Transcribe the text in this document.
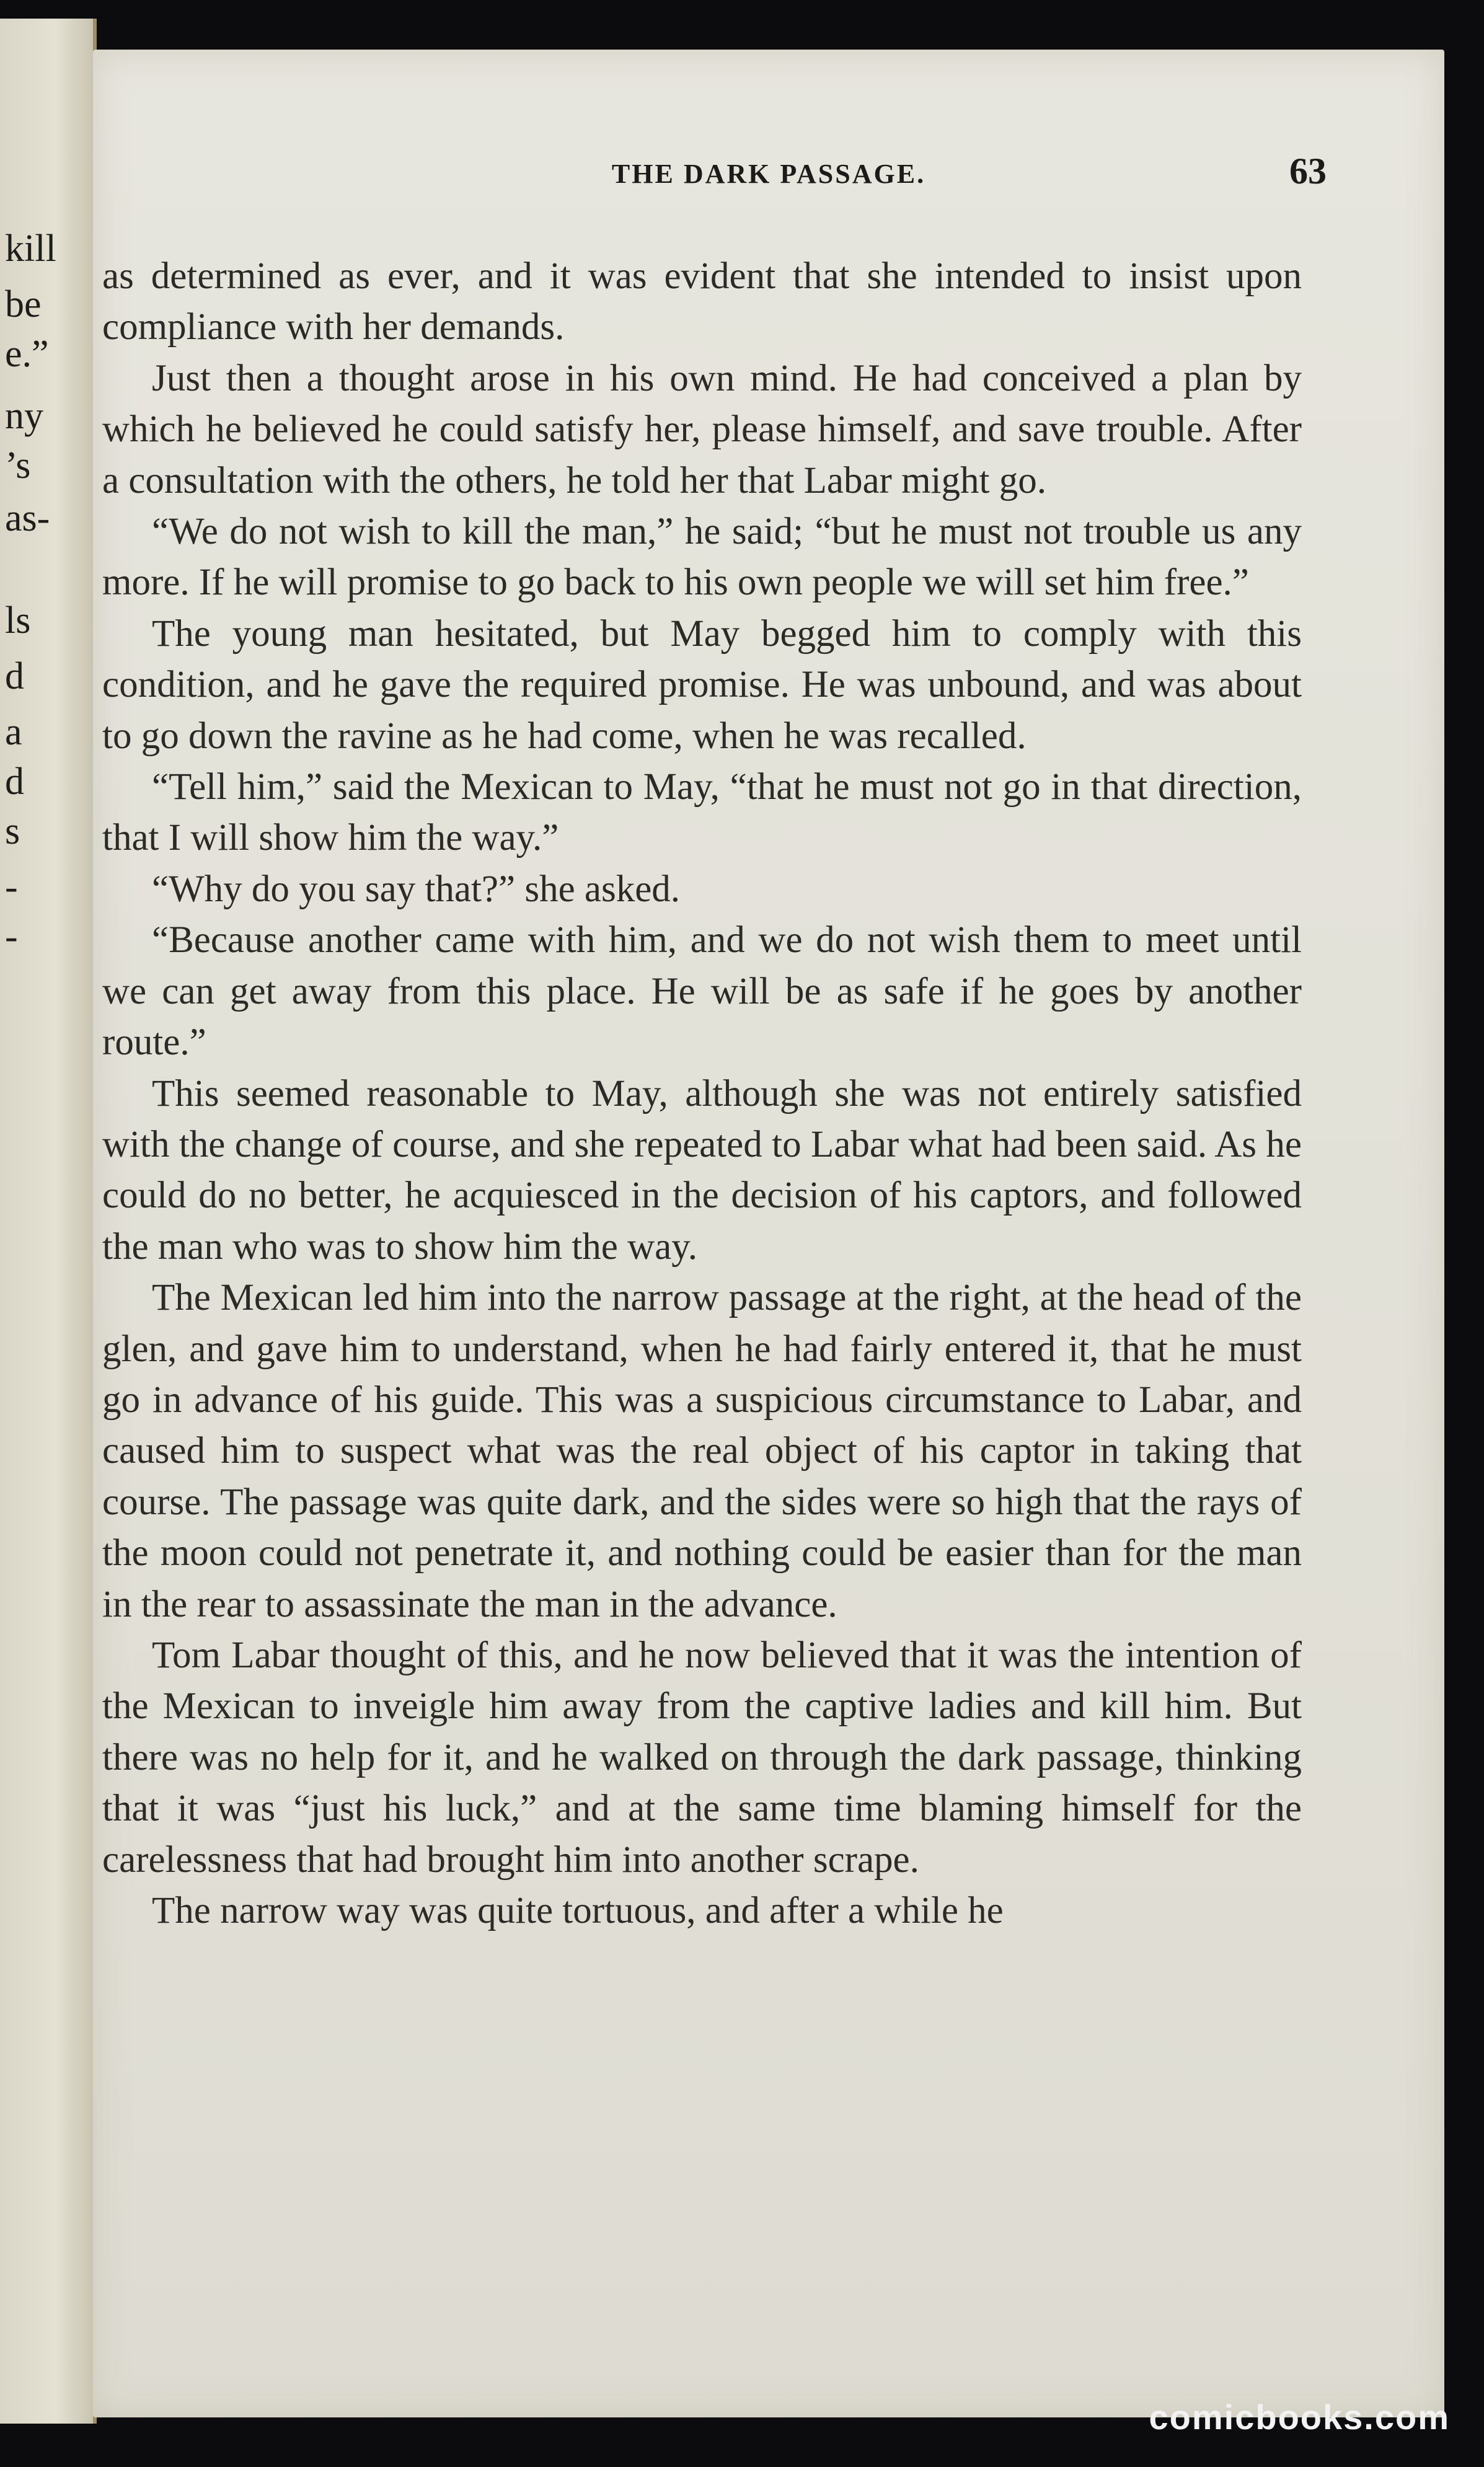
kill
be
e.”
ny
’s
as-
ls
d
a
d
s
-
-
THE DARK PASSAGE.	63

as determined as ever, and it was evident that she intended to insist upon compliance with her demands.

Just then a thought arose in his own mind. He had conceived a plan by which he believed he could satisfy her, please himself, and save trouble. After a consultation with the others, he told her that Labar might go.

“We do not wish to kill the man,” he said; “but he must not trouble us any more. If he will promise to go back to his own people we will set him free.”

The young man hesitated, but May begged him to comply with this condition, and he gave the required promise. He was unbound, and was about to go down the ravine as he had come, when he was recalled.

“Tell him,” said the Mexican to May, “that he must not go in that direction, that I will show him the way.”

“Why do you say that?” she asked.

“Because another came with him, and we do not wish them to meet until we can get away from this place. He will be as safe if he goes by another route.”

This seemed reasonable to May, although she was not entirely satisfied with the change of course, and she repeated to Labar what had been said. As he could do no better, he acquiesced in the decision of his captors, and followed the man who was to show him the way.

The Mexican led him into the narrow passage at the right, at the head of the glen, and gave him to understand, when he had fairly entered it, that he must go in advance of his guide. This was a suspicious circumstance to Labar, and caused him to suspect what was the real object of his captor in taking that course. The passage was quite dark, and the sides were so high that the rays of the moon could not penetrate it, and nothing could be easier than for the man in the rear to assassinate the man in the advance.

Tom Labar thought of this, and he now believed that it was the intention of the Mexican to inveigle him away from the captive ladies and kill him. But there was no help for it, and he walked on through the dark passage, thinking that it was “just his luck,” and at the same time blaming himself for the carelessness that had brought him into another scrape.

The narrow way was quite tortuous, and after a while he

comicbooks.com
